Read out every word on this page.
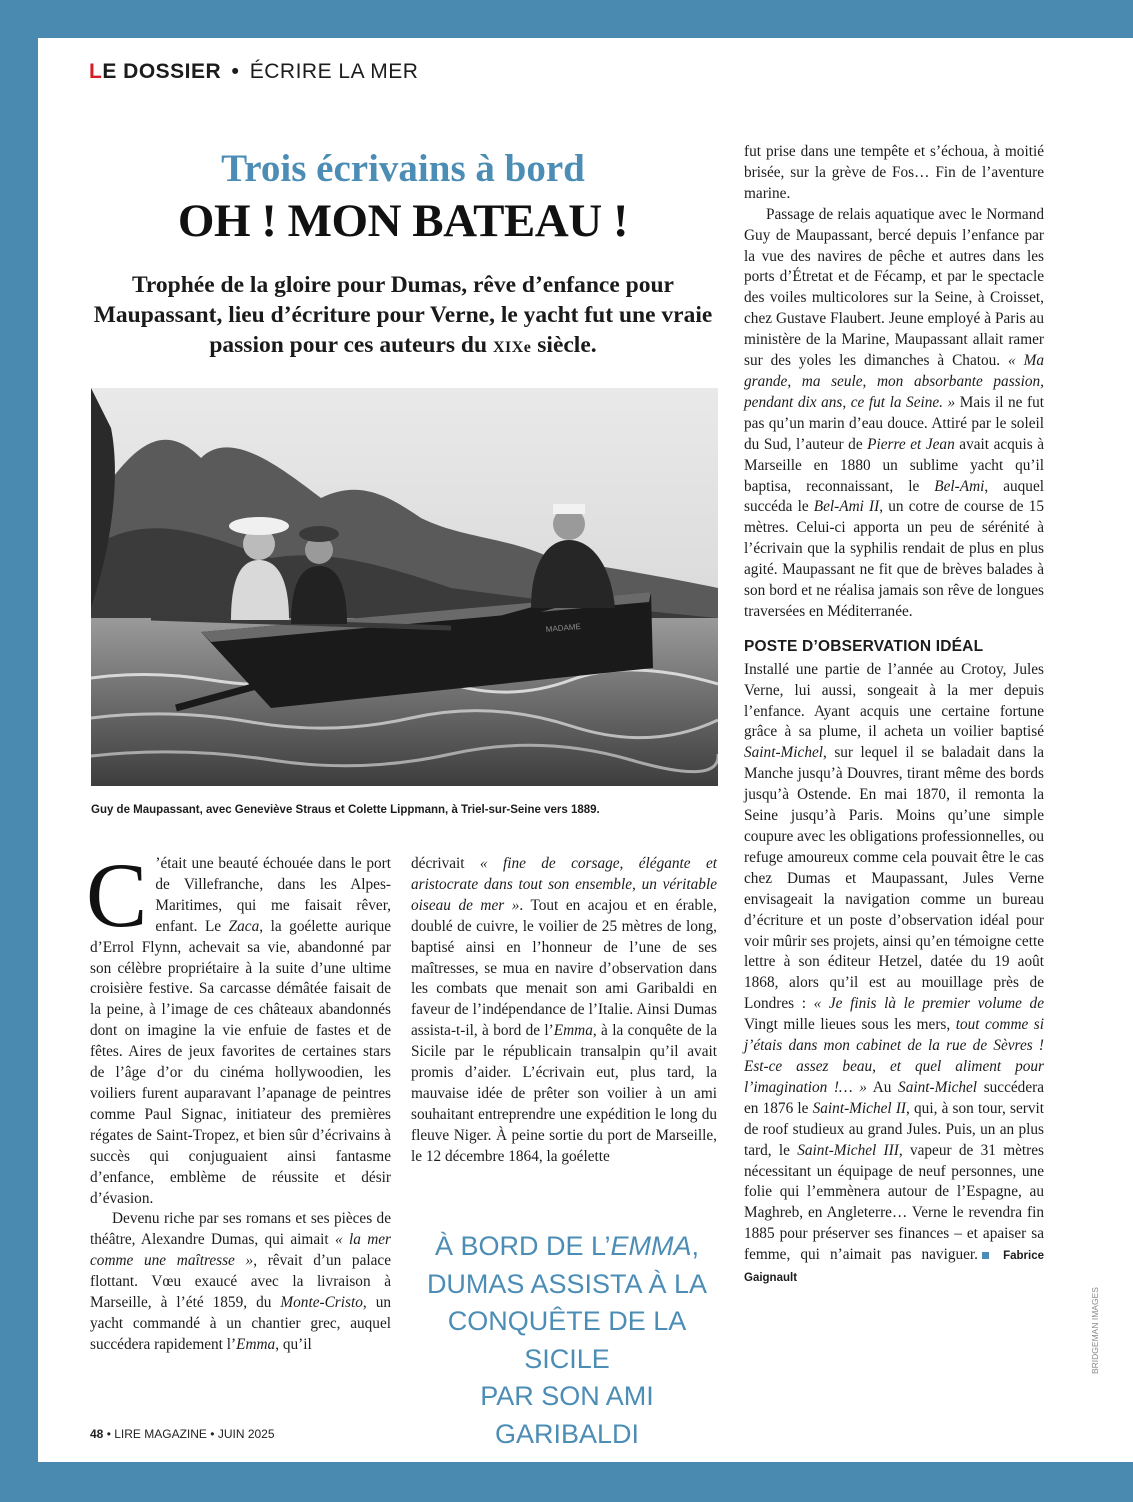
LE DOSSIER • ÉCRIRE LA MER
Trois écrivains à bord
OH ! MON BATEAU !
Trophée de la gloire pour Dumas, rêve d’enfance pour Maupassant, lieu d’écriture pour Verne, le yacht fut une vraie passion pour ces auteurs du XIXe siècle.
MADAME
Guy de Maupassant, avec Geneviève Straus et Colette Lippmann, à Triel-sur-Seine vers 1889.

C ’était une beauté échouée dans le port de Villefranche, dans les Alpes-Maritimes, qui me faisait rêver, enfant. Le Zaca, la goélette aurique d’Errol Flynn, achevait sa vie, abandonné par son célèbre propriétaire à la suite d’une ultime croisière festive. Sa carcasse démâtée faisait de la peine, à l’image de ces châteaux abandonnés dont on imagine la vie enfuie de fastes et de fêtes. Aires de jeux favorites de certaines stars de l’âge d’or du cinéma hollywoodien, les voiliers furent auparavant l’apanage de peintres comme Paul Signac, initiateur des premières régates de Saint-Tropez, et bien sûr d’écrivains à succès qui conjuguaient ainsi fantasme d’enfance, emblème de réussite et désir d’évasion.

Devenu riche par ses romans et ses pièces de théâtre, Alexandre Dumas, qui aimait « la mer comme une maîtresse », rêvait d’un palace flottant. Vœu exaucé avec la livraison à Marseille, à l’été 1859, du Monte-Cristo, un yacht commandé à un chantier grec, auquel succédera rapidement l’Emma, qu’il

décrivait « fine de corsage, élégante et aristocrate dans tout son ensemble, un véritable oiseau de mer ». Tout en acajou et en érable, doublé de cuivre, le voilier de 25 mètres de long, baptisé ainsi en l’honneur de l’une de ses maîtresses, se mua en navire d’observation dans les combats que menait son ami Garibaldi en faveur de l’indépendance de l’Italie. Ainsi Dumas assista-t-il, à bord de l’Emma, à la conquête de la Sicile par le républicain transalpin qu’il avait promis d’aider. L’écrivain eut, plus tard, la mauvaise idée de prêter son voilier à un ami souhaitant entreprendre une expédition le long du fleuve Niger. À peine sortie du port de Marseille, le 12 décembre 1864, la goélette

À BORD DE L’EMMA,
DUMAS ASSISTA À LA
CONQUÊTE DE LA SICILE
PAR SON AMI GARIBALDI

fut prise dans une tempête et s’échoua, à moitié brisée, sur la grève de Fos… Fin de l’aventure marine.

Passage de relais aquatique avec le Normand Guy de Maupassant, bercé depuis l’enfance par la vue des navires de pêche et autres dans les ports d’Étretat et de Fécamp, et par le spectacle des voiles multicolores sur la Seine, à Croisset, chez Gustave Flaubert. Jeune employé à Paris au ministère de la Marine, Maupassant allait ramer sur des yoles les dimanches à Chatou. « Ma grande, ma seule, mon absorbante passion, pendant dix ans, ce fut la Seine. » Mais il ne fut pas qu’un marin d’eau douce. Attiré par le soleil du Sud, l’auteur de Pierre et Jean avait acquis à Marseille en 1880 un sublime yacht qu’il baptisa, reconnaissant, le Bel-Ami, auquel succéda le Bel-Ami II, un cotre de course de 15 mètres. Celui-ci apporta un peu de sérénité à l’écrivain que la syphilis rendait de plus en plus agité. Maupassant ne fit que de brèves balades à son bord et ne réalisa jamais son rêve de longues traversées en Méditerranée.

POSTE D’OBSERVATION IDÉAL

Installé une partie de l’année au Crotoy, Jules Verne, lui aussi, songeait à la mer depuis l’enfance. Ayant acquis une certaine fortune grâce à sa plume, il acheta un voilier baptisé Saint-Michel, sur lequel il se baladait dans la Manche jusqu’à Douvres, tirant même des bords jusqu’à Ostende. En mai 1870, il remonta la Seine jusqu’à Paris. Moins qu’une simple coupure avec les obligations professionnelles, ou refuge amoureux comme cela pouvait être le cas chez Dumas et Maupassant, Jules Verne envisageait la navigation comme un bureau d’écriture et un poste d’observation idéal pour voir mûrir ses projets, ainsi qu’en témoigne cette lettre à son éditeur Hetzel, datée du 19 août 1868, alors qu’il est au mouillage près de Londres : « Je finis là le premier volume de Vingt mille lieues sous les mers, tout comme si j’étais dans mon cabinet de la rue de Sèvres ! Est-ce assez beau, et quel aliment pour l’imagination !… » Au Saint-Michel succédera en 1876 le Saint-Michel II, qui, à son tour, servit de roof studieux au grand Jules. Puis, un an plus tard, le Saint-Michel III, vapeur de 31 mètres nécessitant un équipage de neuf personnes, une folie qui l’emmènera autour de l’Espagne, au Maghreb, en Angleterre… Verne le revendra fin 1885 pour préserver ses finances – et apaiser sa femme, qui n’aimait pas naviguer. Fabrice Gaignault

BRIDGEMAN IMAGES
48 • LIRE MAGAZINE • JUIN 2025
